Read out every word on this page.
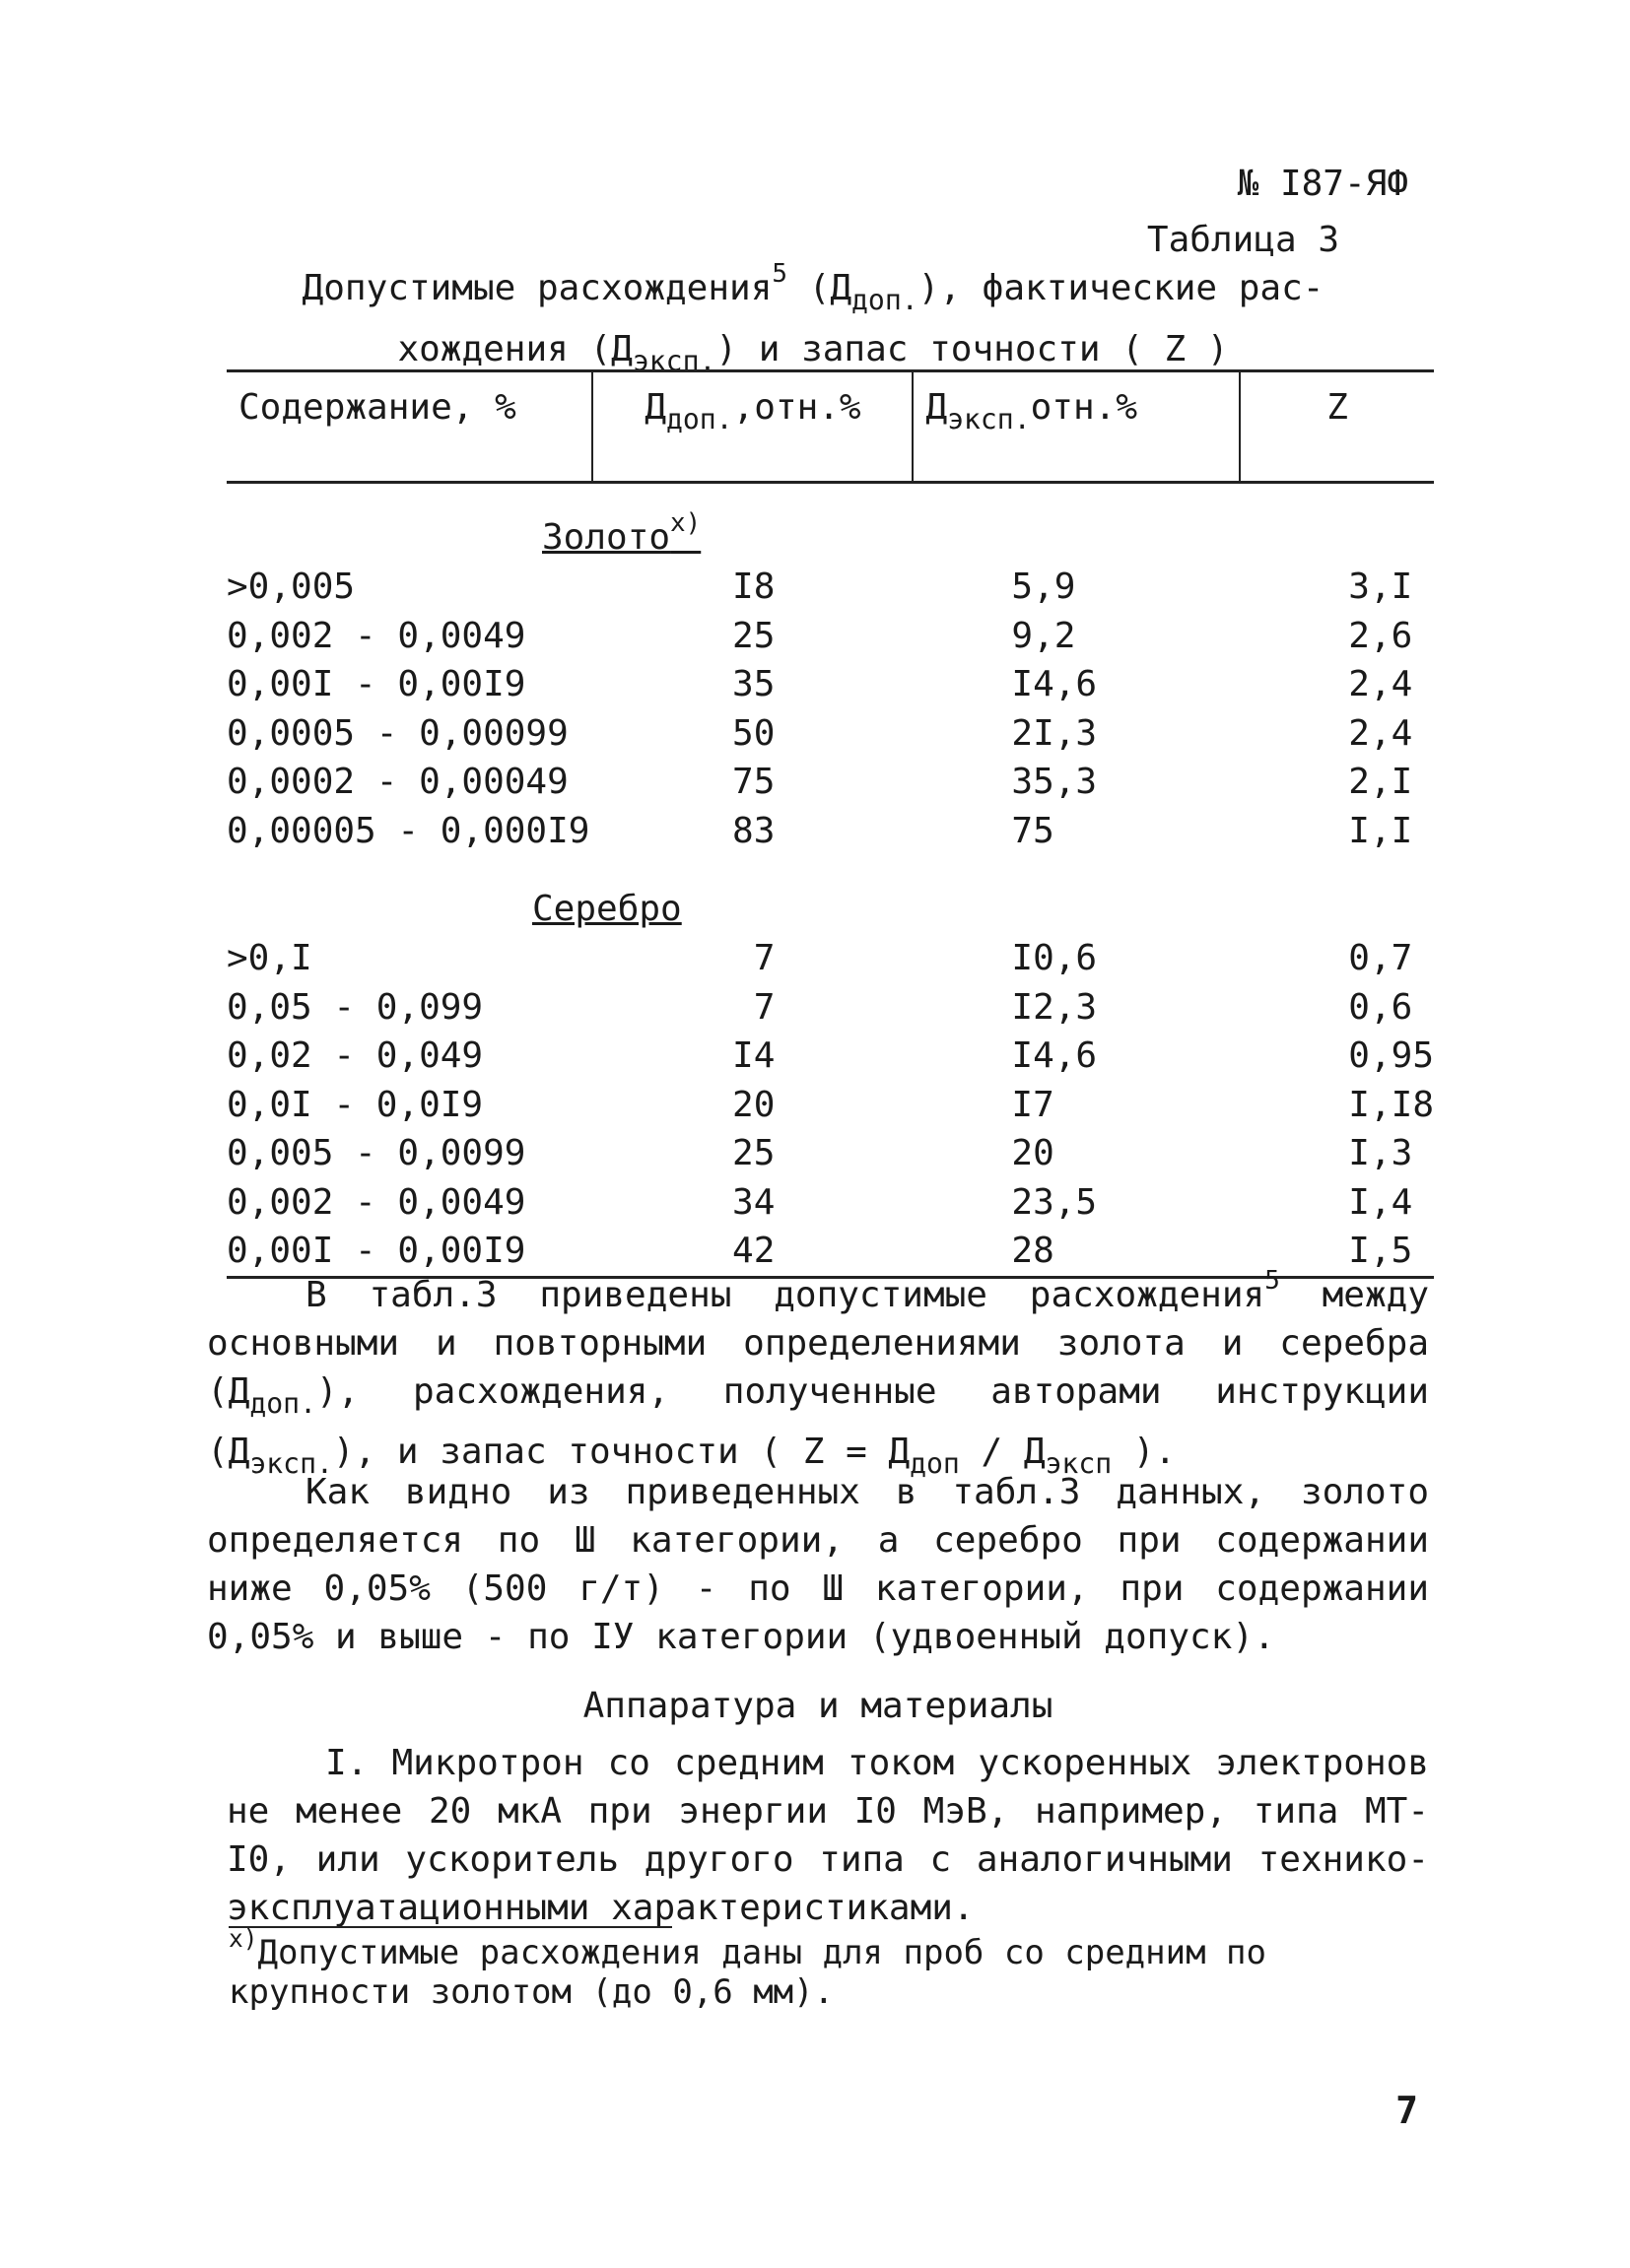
№ I87-ЯФ
Таблица 3
Допустимые расхождения$^5$ $(Д_{доп.})$, фактические рас-
хождения $(Д_{эксп.})$ и запас точности ( Z )
Содержание, %	$Д_{доп.},отн.\%$	$Д_{эксп.}отн.\%$	Z
Золото$^{x)}$
>0,005	I8	5,9	3,I
0,002 - 0,0049	25	9,2	2,6
0,00I - 0,00I9	35	I4,6	2,4
0,0005 - 0,00099	50	2I,3	2,4
0,0002 - 0,00049	75	35,3	2,I
0,00005 - 0,000I9	83	75	I,I
Серебро			
>0,I	7	I0,6	0,7
0,05 - 0,099	7	I2,3	0,6
0,02 - 0,049	I4	I4,6	0,95
0,0I - 0,0I9	20	I7	I,I8
0,005 - 0,0099	25	20	I,3
0,002 - 0,0049	34	23,5	I,4
0,00I - 0,00I9	42	28	I,5
В табл.3 приведены допустимые расхождения$^5$ между основными и повторными определениями золота и серебра $(Д_{доп.})$, расхождения, полученные авторами инструкции $(Д_{эксп.})$, и запас точности ( $Z = Д_{доп} / Д_{эксп}$ ).
Как видно из приведенных в табл.3 данных, золото определяется по Ш категории, а серебро при содержании ниже 0,05% (500 г/т) - по Ш категории, при содержании 0,05% и выше - по IУ категории (удвоенный допуск).
Аппаратура и материалы
I. Микротрон со средним током ускоренных электронов не менее 20 мкА при энергии I0 МэВ, например, типа МТ-I0, или ускоритель другого типа с аналогичными технико-эксплуатационными характеристиками.
$^{x)}$Допустимые расхождения даны для проб со средним по крупности золотом (до 0,6 мм).
7
